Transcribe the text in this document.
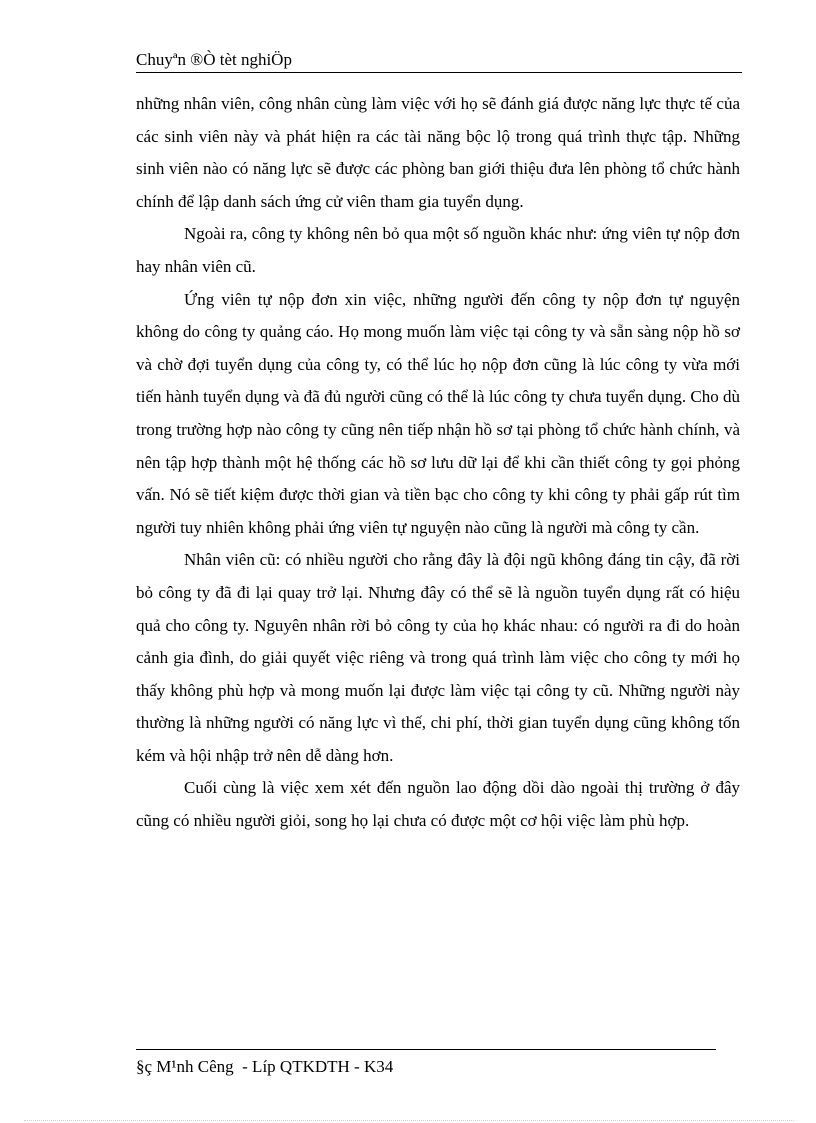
Chuyªn ®Ò tèt nghiÖp

những nhân viên, công nhân cùng làm việc với họ sẽ đánh giá được năng lực thực tế của các sinh viên này và phát hiện ra các tài năng bộc lộ trong quá trình thực tập. Những sinh viên nào có năng lực sẽ được các phòng ban giới thiệu đưa lên phòng tổ chức hành chính để lập danh sách ứng cử viên tham gia tuyển dụng.

Ngoài ra, công ty không nên bỏ qua một số nguồn khác như: ứng viên tự nộp đơn hay nhân viên cũ.

Ứng viên tự nộp đơn xin việc, những người đến công ty nộp đơn tự nguyện không do công ty quảng cáo. Họ mong muốn làm việc tại công ty và sẵn sàng nộp hồ sơ và chờ đợi tuyển dụng của công ty, có thể lúc họ nộp đơn cũng là lúc công ty vừa mới tiến hành tuyển dụng và đã đủ người cũng có thể là lúc công ty chưa tuyển dụng. Cho dù trong trường hợp nào công ty cũng nên tiếp nhận hồ sơ tại phòng tổ chức hành chính, và nên tập hợp thành một hệ thống các hồ sơ lưu dữ lại để khi cần thiết công ty gọi phỏng vấn. Nó sẽ tiết kiệm được thời gian và tiền bạc cho công ty khi công ty phải gấp rút tìm người tuy nhiên không phải ứng viên tự nguyện nào cũng là người mà công ty cần.

Nhân viên cũ: có nhiều người cho rằng đây là đội ngũ không đáng tin cậy, đã rời bỏ công ty đã đi lại quay trở lại. Nhưng đây có thể sẽ là nguồn tuyển dụng rất có hiệu quả cho công ty. Nguyên nhân rời bỏ công ty của họ khác nhau: có người ra đi do hoàn cảnh gia đình, do giải quyết việc riêng và trong quá trình làm việc cho công ty mới họ thấy không phù hợp và mong muốn lại được làm việc tại công ty cũ. Những người này thường là những người có năng lực vì thế, chi phí, thời gian tuyển dụng cũng không tốn kém và hội nhập trở nên dễ dàng hơn.

Cuối cùng là việc xem xét đến nguồn lao động dồi dào ngoài thị trường ở đây cũng có nhiều người giỏi, song họ lại chưa có được một cơ hội việc làm phù hợp.

§ç M¹nh Cêng  - Líp QTKDTH - K34
